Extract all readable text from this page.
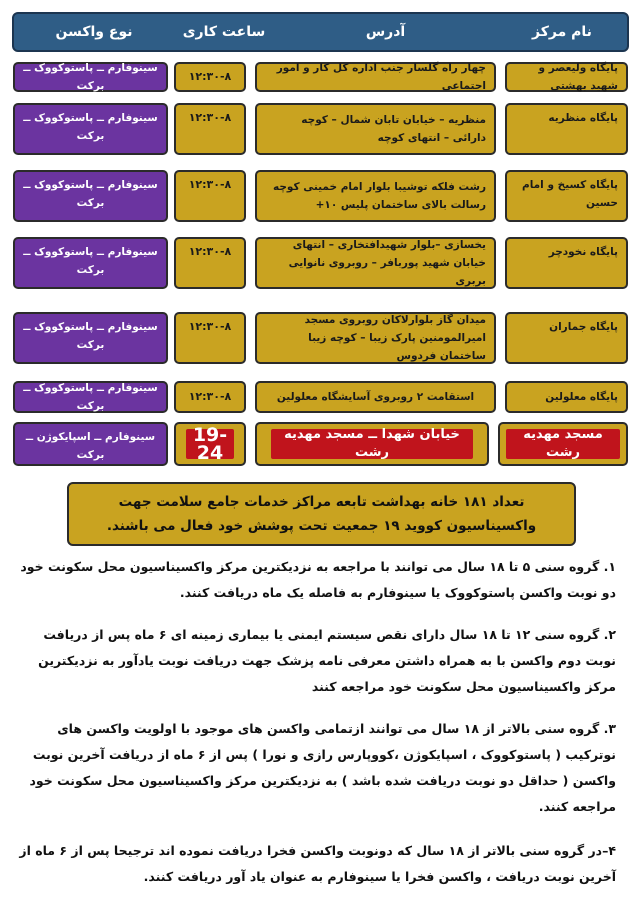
نام مرکز
آدرس
ساعت کاری
نوع واکسن
پایگاه ولیعصر و شهید بهشتی
چهار راه گلسار جنب اداره کل کار و امور اجتماعی
۱۲:۳۰-۸
سینوفارم ــ پاستوکووک ــ برکت
پایگاه منظریه
منظریه – خیابان تابان شمال – کوچه دارائی – انتهای کوچه
۱۲:۳۰-۸
سینوفارم ــ پاستوکووک ــ برکت
پایگاه کسیخ و امام حسین
رشت فلکه توشیبا بلوار امام خمینی کوچه رسالت بالای ساختمان پلیس ۱۰+
۱۲:۳۰-۸
سینوفارم ــ پاستوکووک ــ برکت
پایگاه نخودچر
یخسازی –بلوار شهیدافتخاری – انتهای خیابان شهید پوربافر – روبروی نانوایی بربری
۱۲:۳۰-۸
سینوفارم ــ پاستوکووک ــ برکت
پایگاه جماران
میدان گاز بلوارلاکان روبروی مسجد امیرالمومنین پارک زیبا – کوچه زیبا ساختمان فردوس
۱۲:۳۰-۸
سینوفارم ــ پاستوکووک ــ برکت
پایگاه معلولین
استقامت ۲ روبروی آسایشگاه معلولین
۱۲:۳۰-۸
سینوفارم ــ پاستوکووک ــ برکت
مسجد مهدیه رشت
خیابان شهدا ــ مسجد مهدیه رشت
19-24
سینوفارم ــ اسپایکوژن ــ برکت
تعداد ۱۸۱ خانه بهداشت تابعه مراکز خدمات جامع سلامت جهت واکسیناسیون کووید ۱۹ جمعیت تحت پوشش خود فعال می باشند.
۱. گروه سنی ۵ تا ۱۸ سال می توانند با مراجعه به نزدیکترین مرکز واکسیناسیون محل سکونت خود دو نوبت واکسن پاستوکووک یا سینوفارم به فاصله یک ماه دریافت کنند.
۲. گروه سنی ۱۲ تا ۱۸ سال دارای نقص سیستم ایمنی یا بیماری زمینه ای ۶ ماه پس از دریافت نوبت دوم واکسن با به همراه داشتن معرفی نامه پزشک جهت دریافت نوبت یادآور به نزدیکترین مرکز واکسیناسیون محل سکونت خود مراجعه کنند
۳. گروه سنی بالاتر از ۱۸ سال می توانند ازتمامی واکسن های موجود با اولویت واکسن های نوترکیب ( پاستوکووک ، اسپایکوژن ،کووپارس رازی و نورا ) پس از ۶ ماه از دریافت آخرین نوبت واکسن ( حداقل دو نوبت دریافت شده باشد ) به نزدیکترین مرکز واکسیناسیون محل سکونت خود مراجعه کنند.
۴–در گروه سنی بالاتر از ۱۸ سال که دونوبت واکسن فخرا دریافت نموده اند ترجیحا پس از ۶ ماه از آخرین نوبت دریافت ، واکسن فخرا یا سینوفارم به عنوان یاد آور دریافت کنند.
